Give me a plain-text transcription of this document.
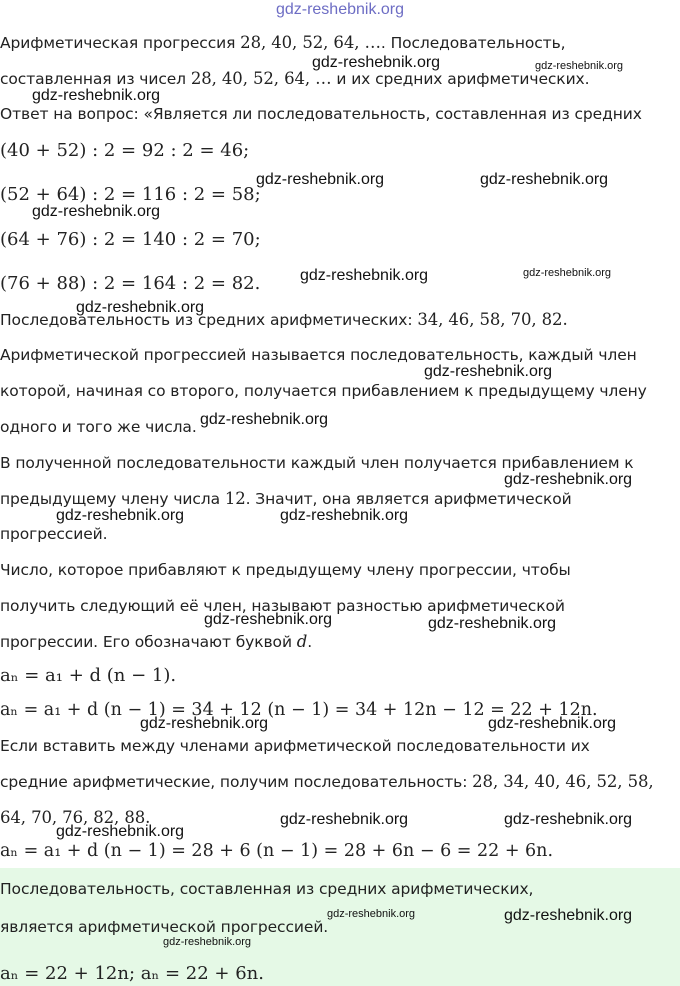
gdz-reshebnik.org
Арифметическая прогрессия 28, 40, 52, 64, …. Последовательность,
составленная из чисел 28, 40, 52, 64, … и их средних арифметических.
Ответ на вопрос: «Является ли последовательность, составленная из средних
(40 + 52) : 2 = 92 : 2 = 46;
(52 + 64) : 2 = 116 : 2 = 58;
(64 + 76) : 2 = 140 : 2 = 70;
(76 + 88) : 2 = 164 : 2 = 82.
Последовательность из средних арифметических: 34, 46, 58, 70, 82.
Арифметической прогрессией называется последовательность, каждый член
которой, начиная со второго, получается прибавлением к предыдущему члену
одного и того же числа.
В полученной последовательности каждый член получается прибавлением к
предыдущему члену числа 12. Значит, она является арифметической
прогрессией.
Число, которое прибавляют к предыдущему члену прогрессии, чтобы
получить следующий её член, называют разностью арифметической
прогрессии. Его обозначают буквой d.
aₙ = a₁ + d (n − 1).
aₙ = a₁ + d (n − 1) = 34 + 12 (n − 1) = 34 + 12n − 12 = 22 + 12n.
Если вставить между членами арифметической последовательности их
средние арифметические, получим последовательность: 28, 34, 40, 46, 52, 58,
64, 70, 76, 82, 88.
aₙ = a₁ + d (n − 1) = 28 + 6 (n − 1) = 28 + 6n − 6 = 22 + 6n.
Последовательность, составленная из средних арифметических,
является арифметической прогрессией.
aₙ = 22 + 12n; aₙ = 22 + 6n.
gdz-reshebnik.org	gdz-reshebnik.org
gdz-reshebnik.org
gdz-reshebnik.org	gdz-reshebnik.org
gdz-reshebnik.org
gdz-reshebnik.org	gdz-reshebnik.org
gdz-reshebnik.org
gdz-reshebnik.org
gdz-reshebnik.org
gdz-reshebnik.org
gdz-reshebnik.org	gdz-reshebnik.org
gdz-reshebnik.org	gdz-reshebnik.org
gdz-reshebnik.org	gdz-reshebnik.org
gdz-reshebnik.org	gdz-reshebnik.org
gdz-reshebnik.org
gdz-reshebnik.org	gdz-reshebnik.org
gdz-reshebnik.org
